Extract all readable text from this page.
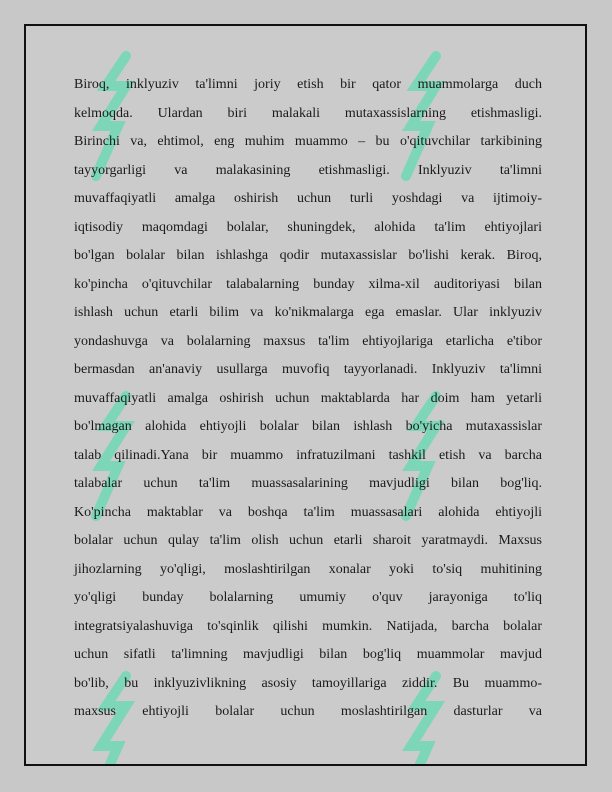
Biroq, inklyuziv ta'limni joriy etish bir qator muammolarga duch
kelmoqda. Ulardan biri malakali mutaxassislarning etishmasligi.
Birinchi va, ehtimol, eng muhim muammo – bu o'qituvchilar tarkibining
tayyorgarligi va malakasining etishmasligi. Inklyuziv ta'limni
muvaffaqiyatli amalga oshirish uchun turli yoshdagi va ijtimoiy-
iqtisodiy maqomdagi bolalar, shuningdek, alohida ta'lim ehtiyojlari
bo'lgan bolalar bilan ishlashga qodir mutaxassislar bo'lishi kerak. Biroq,
ko'pincha o'qituvchilar talabalarning bunday xilma-xil auditoriyasi bilan
ishlash uchun etarli bilim va ko'nikmalarga ega emaslar. Ular inklyuziv
yondashuvga va bolalarning maxsus ta'lim ehtiyojlariga etarlicha e'tibor
bermasdan an'anaviy usullarga muvofiq tayyorlanadi. Inklyuziv ta'limni
muvaffaqiyatli amalga oshirish uchun maktablarda har doim ham yetarli
bo'lmagan alohida ehtiyojli bolalar bilan ishlash bo'yicha mutaxassislar
talab qilinadi.Yana bir muammo infratuzilmani tashkil etish va barcha
talabalar uchun ta'lim muassasalarining mavjudligi bilan bog'liq.
Ko'pincha maktablar va boshqa ta'lim muassasalari alohida ehtiyojli
bolalar uchun qulay ta'lim olish uchun etarli sharoit yaratmaydi. Maxsus
jihozlarning yo'qligi, moslashtirilgan xonalar yoki to'siq muhitining
yo'qligi bunday bolalarning umumiy o'quv jarayoniga to'liq
integratsiyalashuviga to'sqinlik qilishi mumkin. Natijada, barcha bolalar
uchun sifatli ta'limning mavjudligi bilan bog'liq muammolar mavjud
bo'lib, bu inklyuzivlikning asosiy tamoyillariga ziddir. Bu muammo-
maxsus ehtiyojli bolalar uchun moslashtirilgan dasturlar va
